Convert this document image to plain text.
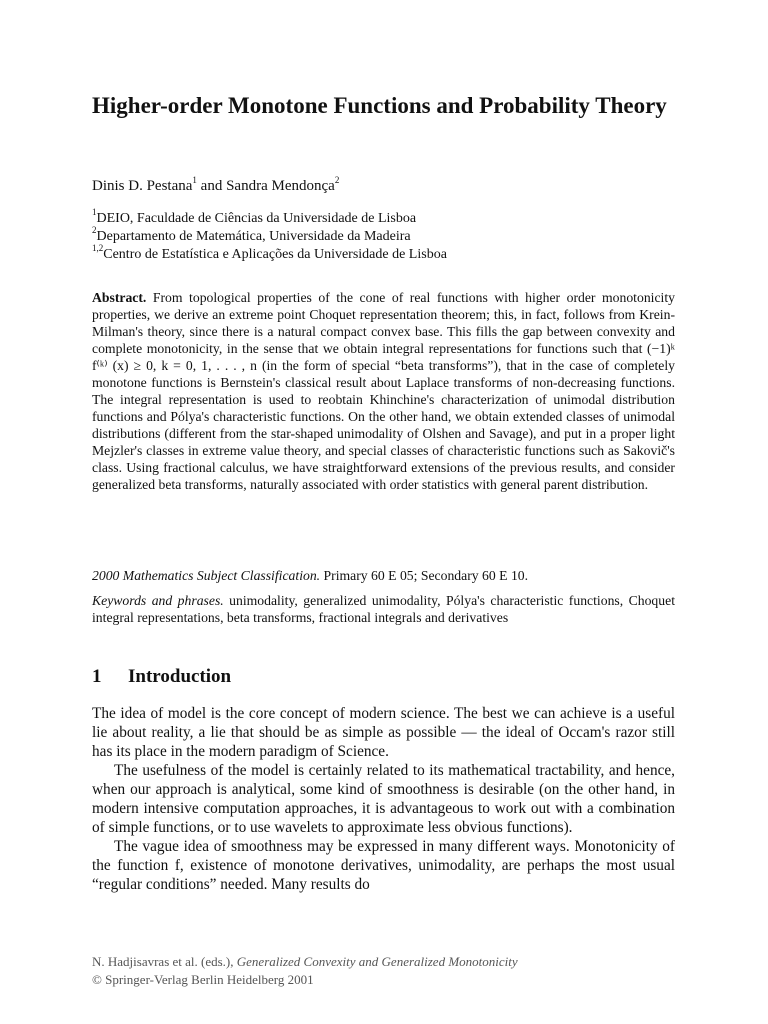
Higher-order Monotone Functions and Probability Theory
Dinis D. Pestana$^1$ and Sandra Mendonça$^2$
$^1$DEIO, Faculdade de Ciências da Universidade de Lisboa
$^2$Departamento de Matemática, Universidade da Madeira
$^{1,2}$Centro de Estatística e Aplicações da Universidade de Lisboa

Abstract. From topological properties of the cone of real functions with higher order monotonicity properties, we derive an extreme point Choquet representation theorem; this, in fact, follows from Krein-Milman's theory, since there is a natural compact convex base. This fills the gap between convexity and complete monotonicity, in the sense that we obtain integral representations for functions such that (−1)ᵏ f⁽ᵏ⁾ (x) ≥ 0, k = 0, 1, . . . , n (in the form of special “beta transforms”), that in the case of completely monotone functions is Bernstein's classical result about Laplace transforms of non-decreasing functions. The integral representation is used to reobtain Khinchine's characterization of unimodal distribution functions and Pólya's characteristic functions. On the other hand, we obtain extended classes of unimodal distributions (different from the star-shaped unimodality of Olshen and Savage), and put in a proper light Mejzler's classes in extreme value theory, and special classes of characteristic functions such as Sakovič's class. Using fractional calculus, we have straightforward extensions of the previous results, and consider generalized beta transforms, naturally associated with order statistics with general parent distribution.

2000 Mathematics Subject Classification. Primary 60 E 05; Secondary 60 E 10.
Keywords and phrases. unimodality, generalized unimodality, Pólya's characteristic functions, Choquet integral representations, beta transforms, fractional integrals and derivatives
1 Introduction

The idea of model is the core concept of modern science. The best we can achieve is a useful lie about reality, a lie that should be as simple as possible — the ideal of Occam's razor still has its place in the modern paradigm of Science.

The usefulness of the model is certainly related to its mathematical tractability, and hence, when our approach is analytical, some kind of smoothness is desirable (on the other hand, in modern intensive computation approaches, it is advantageous to work out with a combination of simple functions, or to use wavelets to approximate less obvious functions).

The vague idea of smoothness may be expressed in many different ways. Monotonicity of the function f, existence of monotone derivatives, unimodality, are perhaps the most usual “regular conditions” needed. Many results do

N. Hadjisavras et al. (eds.), Generalized Convexity and Generalized Monotonicity
© Springer-Verlag Berlin Heidelberg 2001
